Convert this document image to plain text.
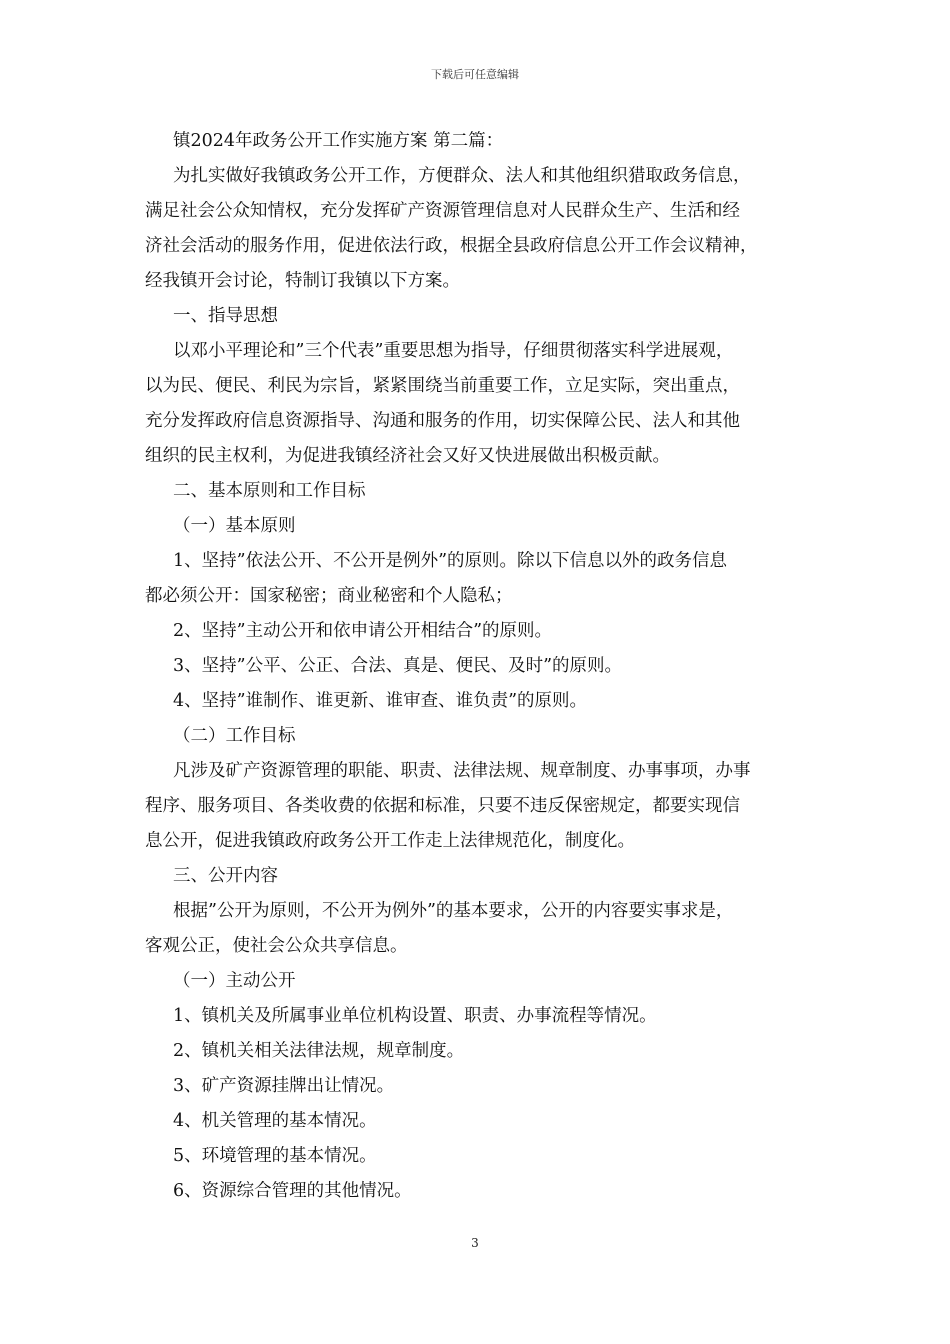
下载后可任意编辑

镇2024年政务公开工作实施方案 第二篇：

为扎实做好我镇政务公开工作，方便群众、法人和其他组织猎取政务信息，

满足社会公众知情权，充分发挥矿产资源管理信息对人民群众生产、生活和经

济社会活动的服务作用，促进依法行政，根据全县政府信息公开工作会议精神，

经我镇开会讨论，特制订我镇以下方案。

一、指导思想

以邓小平理论和”三个代表”重要思想为指导，仔细贯彻落实科学进展观，

以为民、便民、利民为宗旨，紧紧围绕当前重要工作，立足实际，突出重点，

充分发挥政府信息资源指导、沟通和服务的作用，切实保障公民、法人和其他

组织的民主权利，为促进我镇经济社会又好又快进展做出积极贡献。

二、基本原则和工作目标

（一）基本原则

1、坚持”依法公开、不公开是例外”的原则。除以下信息以外的政务信息

都必须公开：国家秘密；商业秘密和个人隐私；

2、坚持”主动公开和依申请公开相结合”的原则。

3、坚持”公平、公正、合法、真是、便民、及时”的原则。

4、坚持”谁制作、谁更新、谁审查、谁负责”的原则。

（二）工作目标

凡涉及矿产资源管理的职能、职责、法律法规、规章制度、办事事项，办事

程序、服务项目、各类收费的依据和标准，只要不违反保密规定，都要实现信

息公开，促进我镇政府政务公开工作走上法律规范化，制度化。

三、公开内容

根据”公开为原则，不公开为例外”的基本要求，公开的内容要实事求是，

客观公正，使社会公众共享信息。

（一）主动公开

1、镇机关及所属事业单位机构设置、职责、办事流程等情况。

2、镇机关相关法律法规，规章制度。

3、矿产资源挂牌出让情况。

4、机关管理的基本情况。

5、环境管理的基本情况。

6、资源综合管理的其他情况。

3
